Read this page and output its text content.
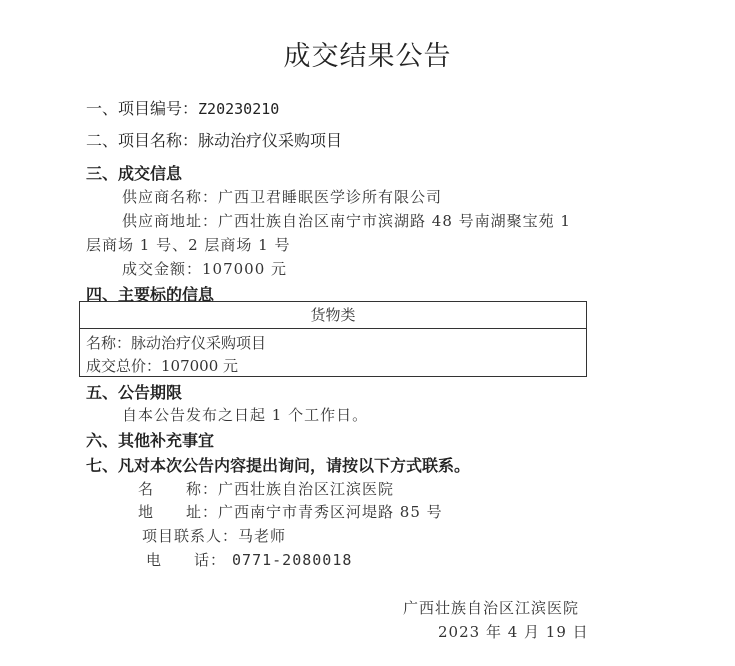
成交结果公告
一、项目编号：Z20230210
二、项目名称：脉动治疗仪采购项目
三、成交信息
供应商名称：广西卫君睡眠医学诊所有限公司
供应商地址：广西壮族自治区南宁市滨湖路 48 号南湖聚宝苑 1
层商场 1 号、2 层商场 1 号
成交金额：107000 元
四、主要标的信息
货物类
名称：脉动治疗仪采购项目
成交总价：107000 元
五、公告期限
自本公告发布之日起 1 个工作日。
六、其他补充事宜
七、凡对本次公告内容提出询问，请按以下方式联系。
名　　称：广西壮族自治区江滨医院
地　　址：广西南宁市青秀区河堤路 85 号
项目联系人：马老师
电　　话： 0771-2080018
广西壮族自治区江滨医院
2023 年 4 月 19 日
